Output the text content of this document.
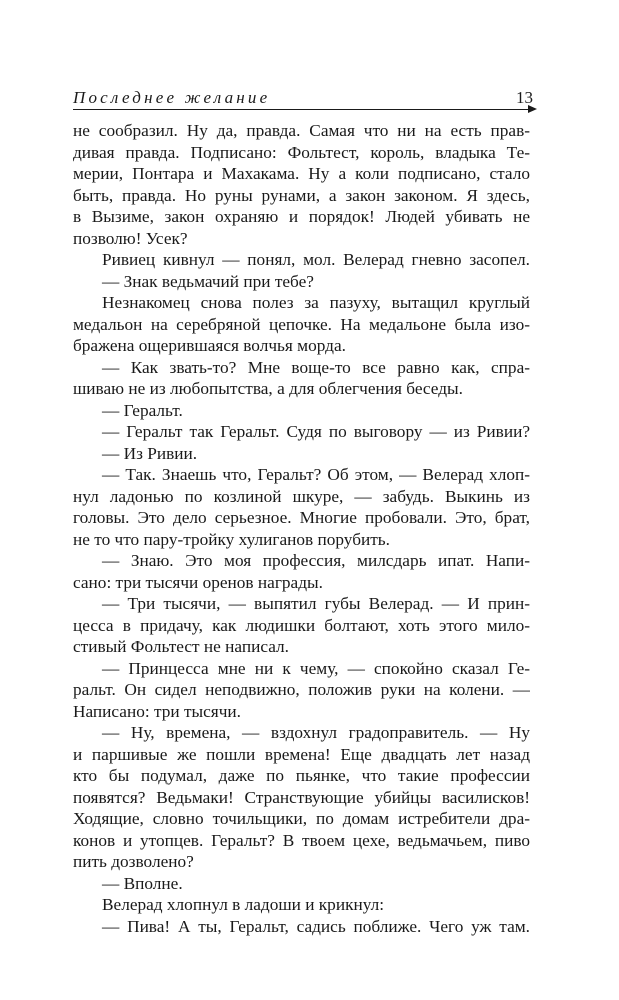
Последнее желание	13
не сообразил. Ну да, правда. Самая что ни на есть прав-
дивая правда. Подписано: Фольтест, король, владыка Те-
мерии, Понтара и Махакама. Ну а коли подписано, стало
быть, правда. Но руны рунами, а закон законом. Я здесь,
в Вызиме, закон охраняю и порядок! Людей убивать не
позволю! Усек?
Ривиец кивнул — понял, мол. Велерад гневно засопел.
— Знак ведьмачий при тебе?
Незнакомец снова полез за пазуху, вытащил круглый
медальон на серебряной цепочке. На медальоне была изо-
бражена ощерившаяся волчья морда.
— Как звать-то? Мне воще-то все равно как, спра-
шиваю не из любопытства, а для облегчения беседы.
— Геральт.
— Геральт так Геральт. Судя по выговору — из Ривии?
— Из Ривии.
— Так. Знаешь что, Геральт? Об этом, — Велерад хлоп-
нул ладонью по козлиной шкуре, — забудь. Выкинь из
головы. Это дело серьезное. Многие пробовали. Это, брат,
не то что пару-тройку хулиганов порубить.
— Знаю. Это моя профессия, милсдарь ипат. Напи-
сано: три тысячи оренов награды.
— Три тысячи, — выпятил губы Велерад. — И прин-
цесса в придачу, как людишки болтают, хоть этого мило-
стивый Фольтест не написал.
— Принцесса мне ни к чему, — спокойно сказал Ге-
ральт. Он сидел неподвижно, положив руки на колени. —
Написано: три тысячи.
— Ну, времена, — вздохнул градоправитель. — Ну
и паршивые же пошли времена! Еще двадцать лет назад
кто бы подумал, даже по пьянке, что такие профессии
появятся? Ведьмаки! Странствующие убийцы василисков!
Ходящие, словно точильщики, по домам истребители дра-
конов и утопцев. Геральт? В твоем цехе, ведьмачьем, пиво
пить дозволено?
— Вполне.
Велерад хлопнул в ладоши и крикнул:
— Пива! А ты, Геральт, садись поближе. Чего уж там.
